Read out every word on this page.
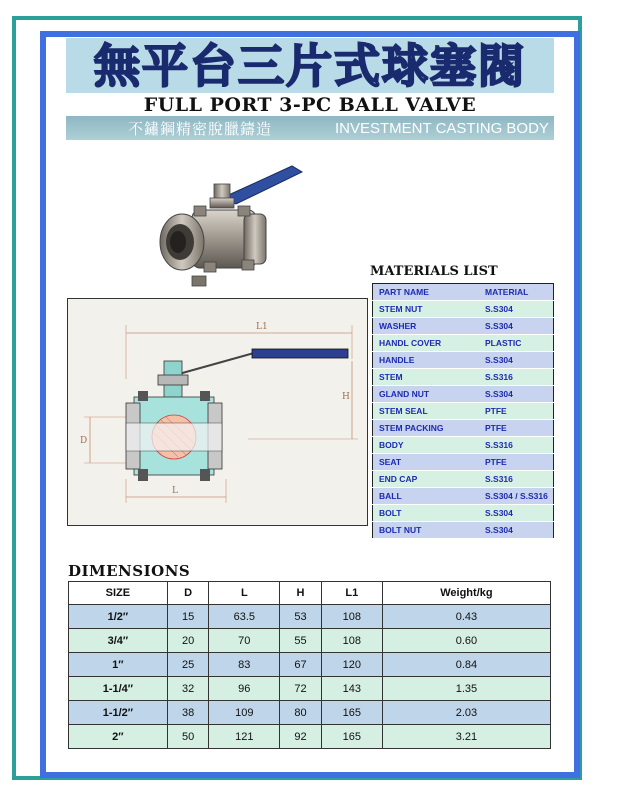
無平台三片式球塞閥
FULL PORT 3-PC BALL VALVE
不鏽鋼精密脫臘鑄造	INVESTMENT CASTING BODY
L1
H
D
L
MATERIALS LIST
PART NAME	MATERIAL
STEM NUT	S.S304
WASHER	S.S304
HANDL COVER	PLASTIC
HANDLE	S.S304
STEM	S.S316
GLAND NUT	S.S304
STEM SEAL	PTFE
STEM PACKING	PTFE
BODY	S.S316
SEAT	PTFE
END CAP	S.S316
BALL	S.S304 / S.S316
BOLT	S.S304
BOLT NUT	S.S304
DIMENSIONS
SIZE	D	L	H	L1	Weight/kg
1/2″	15	63.5	53	108	0.43
3/4″	20	70	55	108	0.60
1″	25	83	67	120	0.84
1-1/4″	32	96	72	143	1.35
1-1/2″	38	109	80	165	2.03
2″	50	121	92	165	3.21
